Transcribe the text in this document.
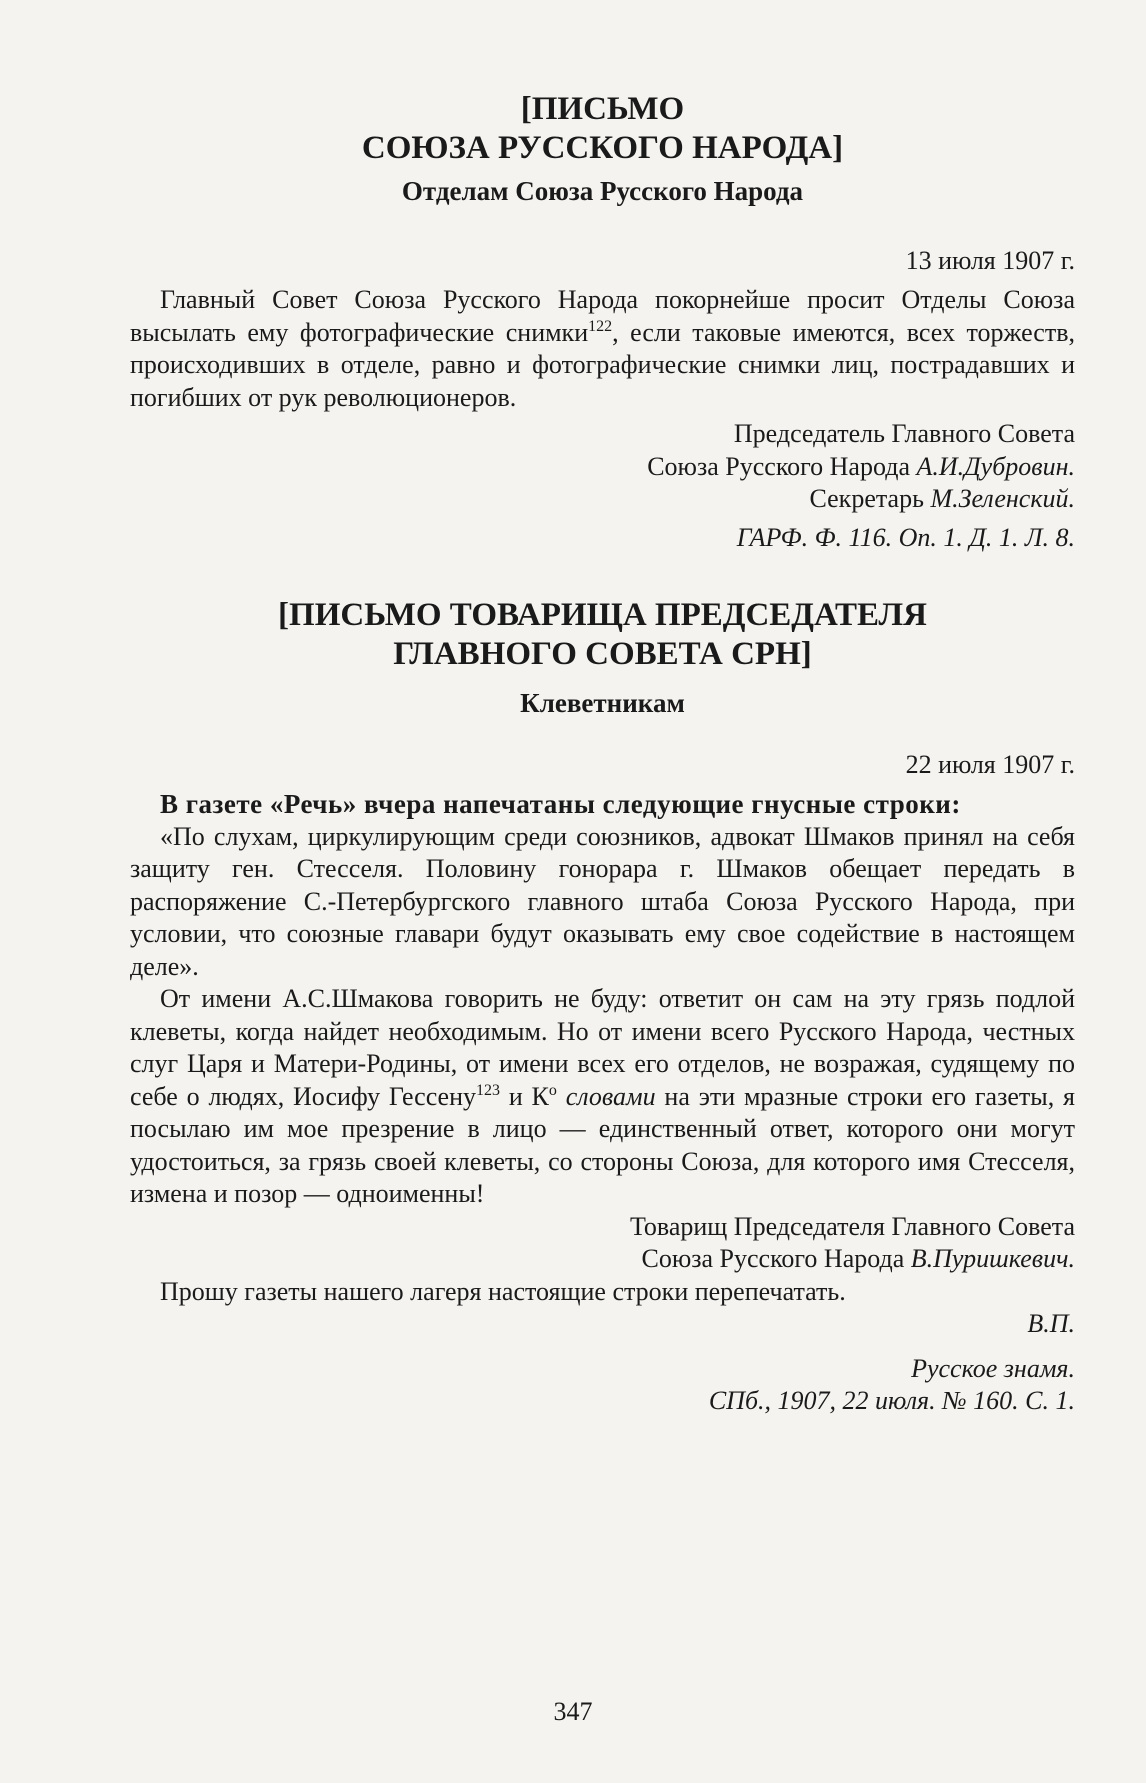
[ПИСЬМО

СОЮЗА РУССКОГО НАРОДА]

Отделам Союза Русского Народа

13 июля 1907 г.

Главный Совет Союза Русского Народа покорнейше просит Отделы Союза высылать ему фотографические снимки$^{122}$, если таковые имеются, всех торжеств, происходивших в отделе, равно и фотографические снимки лиц, пострадавших и погибших от рук революционеров.

Председатель Главного Совета
Союза Русского Народа А.И.Дубровин.
Секретарь М.Зеленский.
ГАРФ. Ф. 116. Оп. 1. Д. 1. Л. 8.

[ПИСЬМО ТОВАРИЩА ПРЕДСЕДАТЕЛЯ

ГЛАВНОГО СОВЕТА СРН]

Клеветникам

22 июля 1907 г.

В газете «Речь» вчера напечатаны следующие гнусные строки:

«По слухам, циркулирующим среди союзников, адвокат Шмаков принял на себя защиту ген. Стесселя. Половину гонорара г. Шмаков обещает передать в распоряжение С.-Петербургского главного штаба Союза Русского Народа, при условии, что союзные главари будут оказывать ему свое содействие в настоящем деле».

От имени А.С.Шмакова говорить не буду: ответит он сам на эту грязь подлой клеветы, когда найдет необходимым. Но от имени всего Русского Народа, честных слуг Царя и Матери-Родины, от имени всех его отделов, не возражая, судящему по себе о людях, Иосифу Гессену$^{123}$ и $К^о$ словами на эти мразные строки его газеты, я посылаю им мое презрение в лицо — единственный ответ, которого они могут удостоиться, за грязь своей клеветы, со стороны Союза, для которого имя Стесселя, измена и позор — одноименны!

Товарищ Председателя Главного Совета
Союза Русского Народа В.Пуришкевич.

Прошу газеты нашего лагеря настоящие строки перепечатать.

В.П.
Русское знамя.
СПб., 1907, 22 июля. № 160. С. 1.
347
